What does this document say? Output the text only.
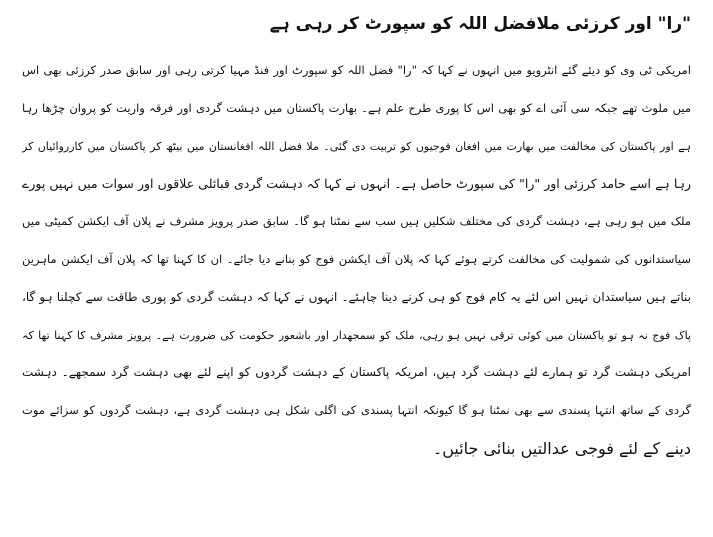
"را" اور کرزئی ملافضل اللہ کو سپورٹ کر رہی ہے
امریکی ٹی وی کو دیئے گئے انٹرویو میں انہوں نے کہا کہ "را" فضل اللہ کو سپورٹ اور فنڈ مہیا کرتی رہی اور سابق صدر کرزئی بھی اس
میں ملوث تھے جبکہ سی آئی اے کو بھی اس کا پوری طرح علم ہے۔ بھارت پاکستان میں دہشت گردی اور فرقہ واریت کو پروان چڑھا رہا
ہے اور پاکستان کی مخالفت میں بھارت میں افغان فوجیوں کو تربیت دی گئی۔ ملا فضل اللہ افغانستان میں بیٹھ کر پاکستان میں کارروائیاں کر
رہا ہے اسے حامد کرزئی اور "را" کی سپورٹ حاصل ہے۔ انہوں نے کہا کہ دہشت گردی قبائلی علاقوں اور سوات میں نہیں پورے
ملک میں ہو رہی ہے، دہشت گردی کی مختلف شکلیں ہیں سب سے نمٹنا ہو گا۔ سابق صدر پرویز مشرف نے پلان آف ایکشن کمیٹی میں
سیاستدانوں کی شمولیت کی مخالفت کرتے ہوئے کہا کہ پلان آف ایکشن فوج کو بنانے دیا جائے۔ ان کا کہنا تھا کہ پلان آف ایکشن ماہرین
بناتے ہیں سیاستدان نہیں اس لئے یہ کام فوج کو ہی کرنے دینا چاہئے۔ انہوں نے کہا کہ دہشت گردی کو پوری طاقت سے کچلنا ہو گا،
پاک فوج نہ ہو تو پاکستان میں کوئی ترقی نہیں ہو رہی، ملک کو سمجھدار اور باشعور حکومت کی ضرورت ہے۔ پرویز مشرف کا کہنا تھا کہ
امریکی دہشت گرد تو ہمارے لئے دہشت گرد ہیں، امریکہ پاکستان کے دہشت گردوں کو اپنے لئے بھی دہشت گرد سمجھے۔ دہشت
گردی کے ساتھ انتہا پسندی سے بھی نمٹنا ہو گا کیونکہ انتہا پسندی کی اگلی شکل ہی دہشت گردی ہے، دہشت گردوں کو سزائے موت
دینے کے لئے فوجی عدالتیں بنائی جائیں۔
